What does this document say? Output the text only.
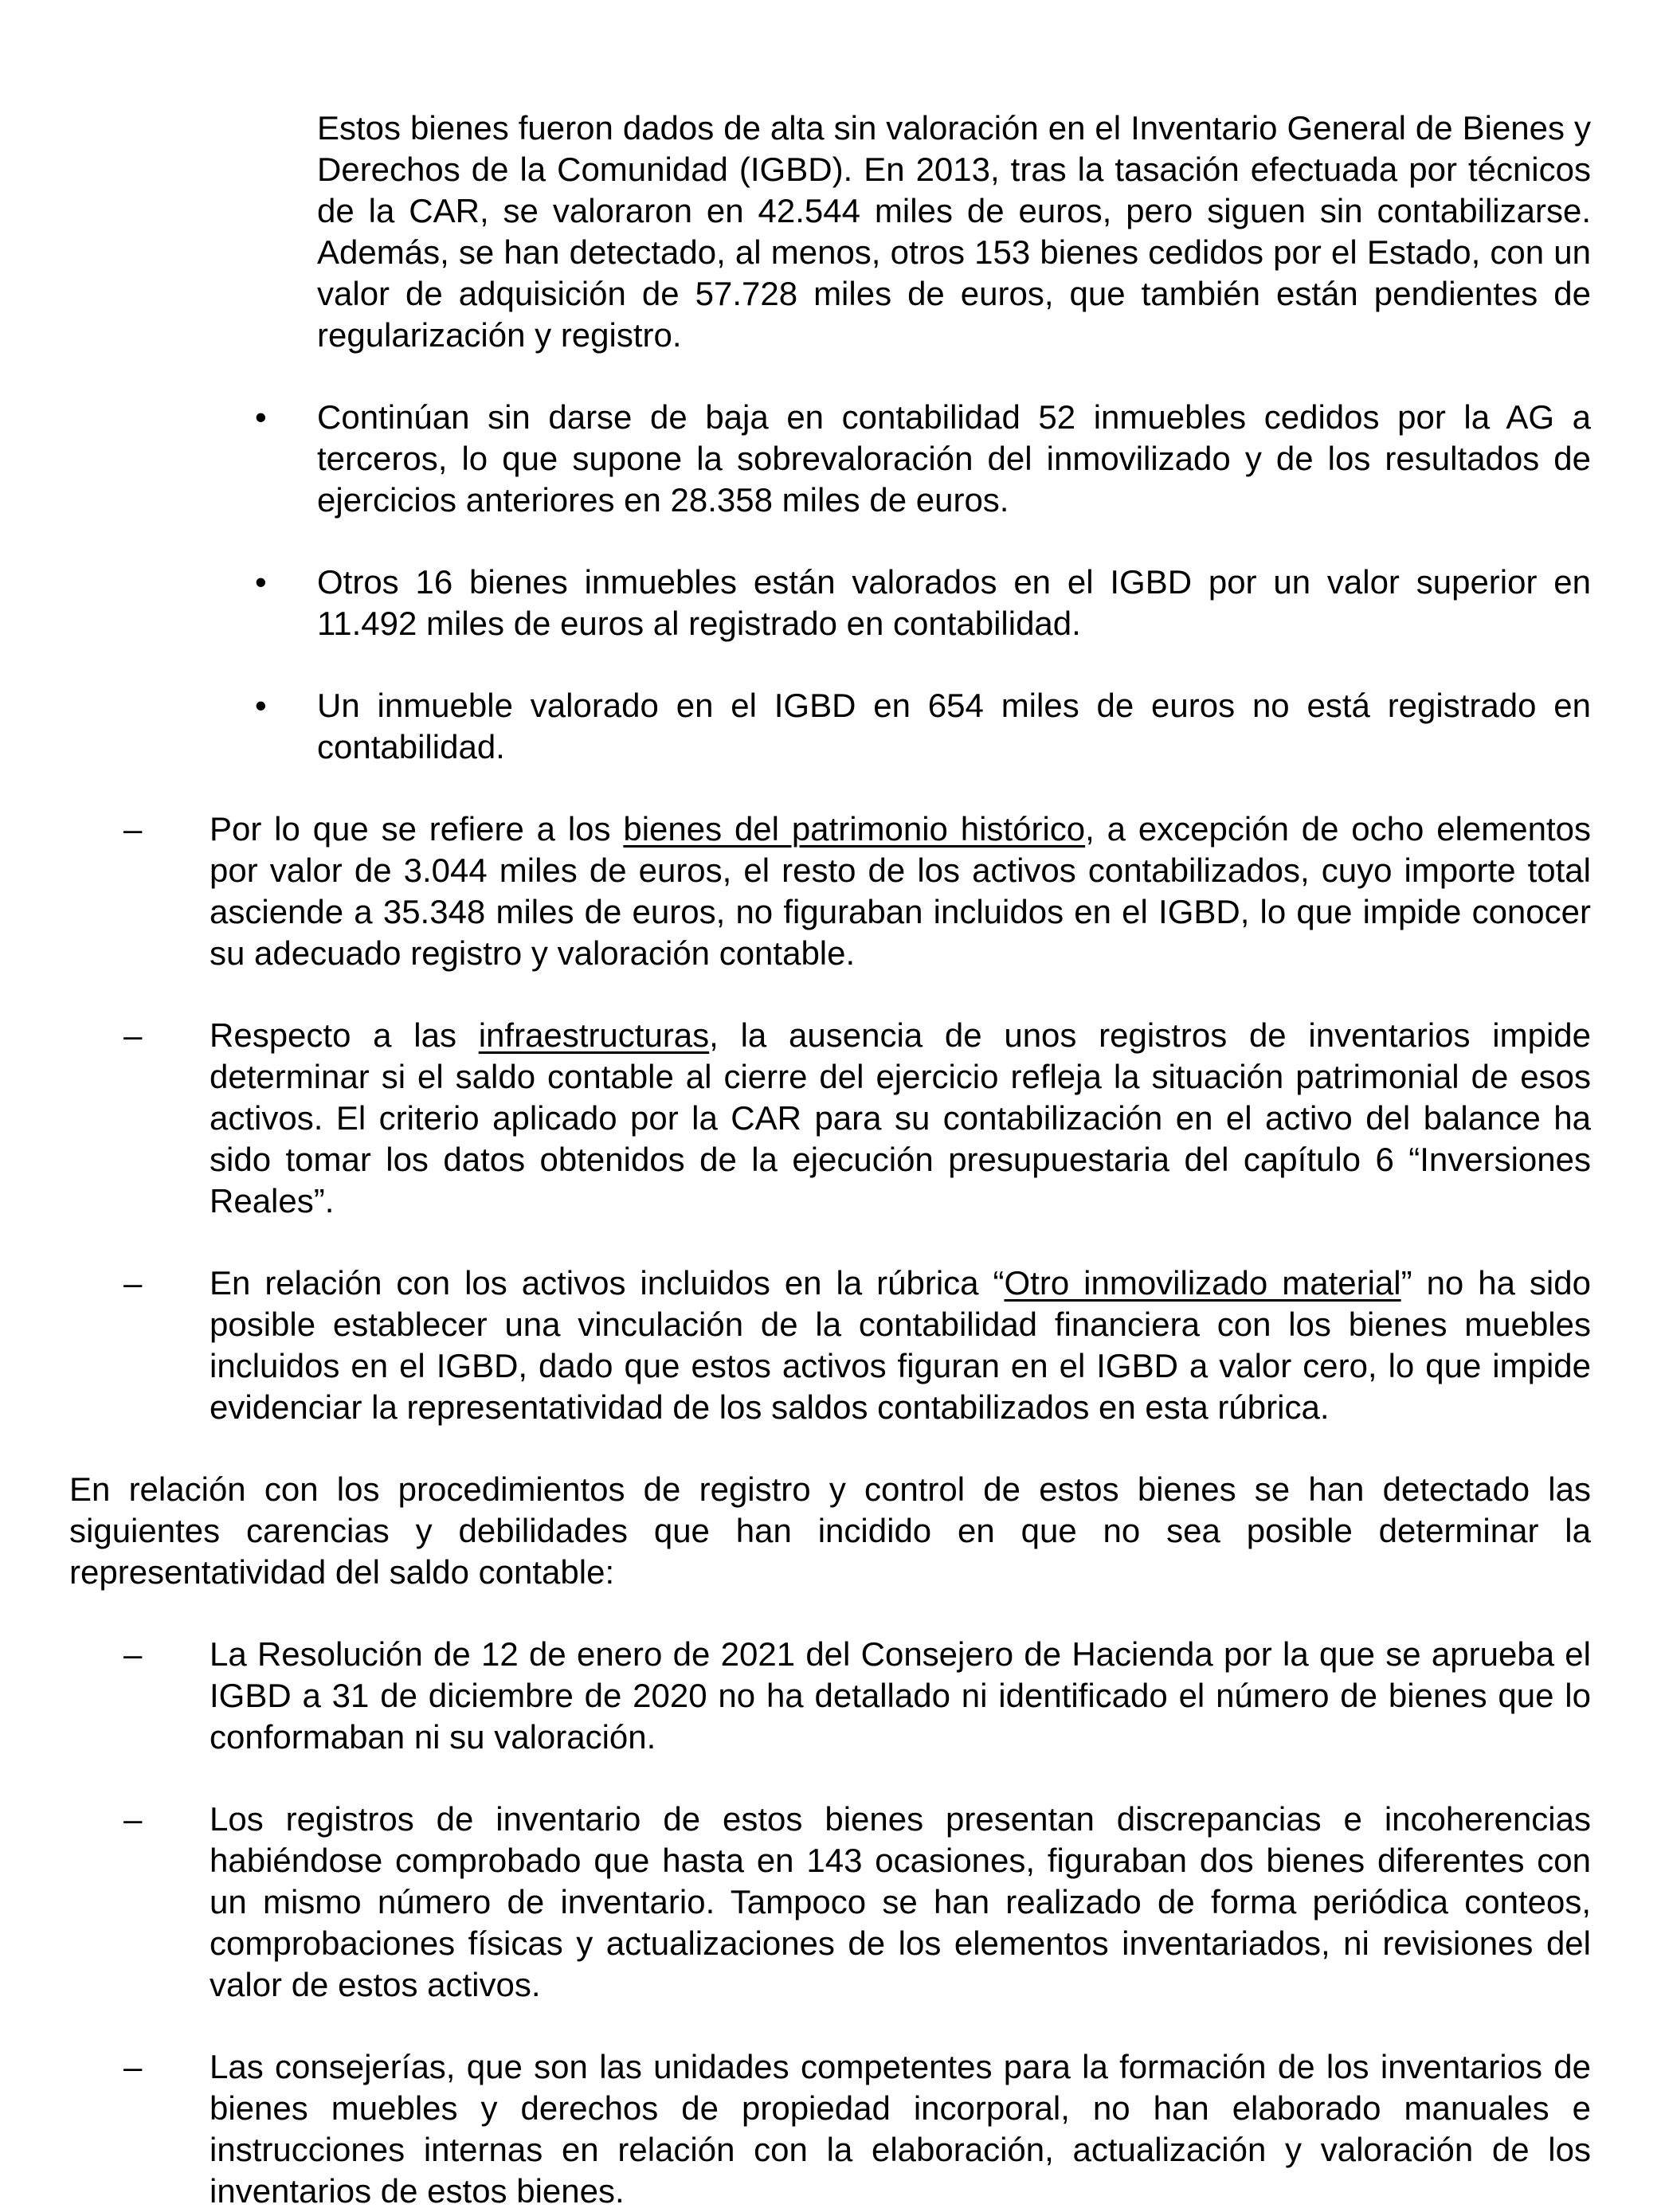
Estos bienes fueron dados de alta sin valoración en el Inventario General de Bienes y Derechos de la Comunidad (IGBD). En 2013, tras la tasación efectuada por técnicos de la CAR, se valoraron en 42.544 miles de euros, pero siguen sin contabilizarse. Además, se han detectado, al menos, otros 153 bienes cedidos por el Estado, con un valor de adquisición de 57.728 miles de euros, que también están pendientes de regularización y registro.

• Continúan sin darse de baja en contabilidad 52 inmuebles cedidos por la AG a terceros, lo que supone la sobrevaloración del inmovilizado y de los resultados de ejercicios anteriores en 28.358 miles de euros.
• Otros 16 bienes inmuebles están valorados en el IGBD por un valor superior en 11.492 miles de euros al registrado en contabilidad.
• Un inmueble valorado en el IGBD en 654 miles de euros no está registrado en contabilidad.
– Por lo que se refiere a los bienes del patrimonio histórico, a excepción de ocho elementos por valor de 3.044 miles de euros, el resto de los activos contabilizados, cuyo importe total asciende a 35.348 miles de euros, no figuraban incluidos en el IGBD, lo que impide conocer su adecuado registro y valoración contable.
– Respecto a las infraestructuras, la ausencia de unos registros de inventarios impide determinar si el saldo contable al cierre del ejercicio refleja la situación patrimonial de esos activos. El criterio aplicado por la CAR para su contabilización en el activo del balance ha sido tomar los datos obtenidos de la ejecución presupuestaria del capítulo 6 “Inversiones Reales”.
– En relación con los activos incluidos en la rúbrica “Otro inmovilizado material” no ha sido posible establecer una vinculación de la contabilidad financiera con los bienes muebles incluidos en el IGBD, dado que estos activos figuran en el IGBD a valor cero, lo que impide evidenciar la representatividad de los saldos contabilizados en esta rúbrica.

En relación con los procedimientos de registro y control de estos bienes se han detectado las siguientes carencias y debilidades que han incidido en que no sea posible determinar la representatividad del saldo contable:

– La Resolución de 12 de enero de 2021 del Consejero de Hacienda por la que se aprueba el IGBD a 31 de diciembre de 2020 no ha detallado ni identificado el número de bienes que lo conformaban ni su valoración.
– Los registros de inventario de estos bienes presentan discrepancias e incoherencias habiéndose comprobado que hasta en 143 ocasiones, figuraban dos bienes diferentes con un mismo número de inventario. Tampoco se han realizado de forma periódica conteos, comprobaciones físicas y actualizaciones de los elementos inventariados, ni revisiones del valor de estos activos.
– Las consejerías, que son las unidades competentes para la formación de los inventarios de bienes muebles y derechos de propiedad incorporal, no han elaborado manuales e instrucciones internas en relación con la elaboración, actualización y valoración de los inventarios de estos bienes.
